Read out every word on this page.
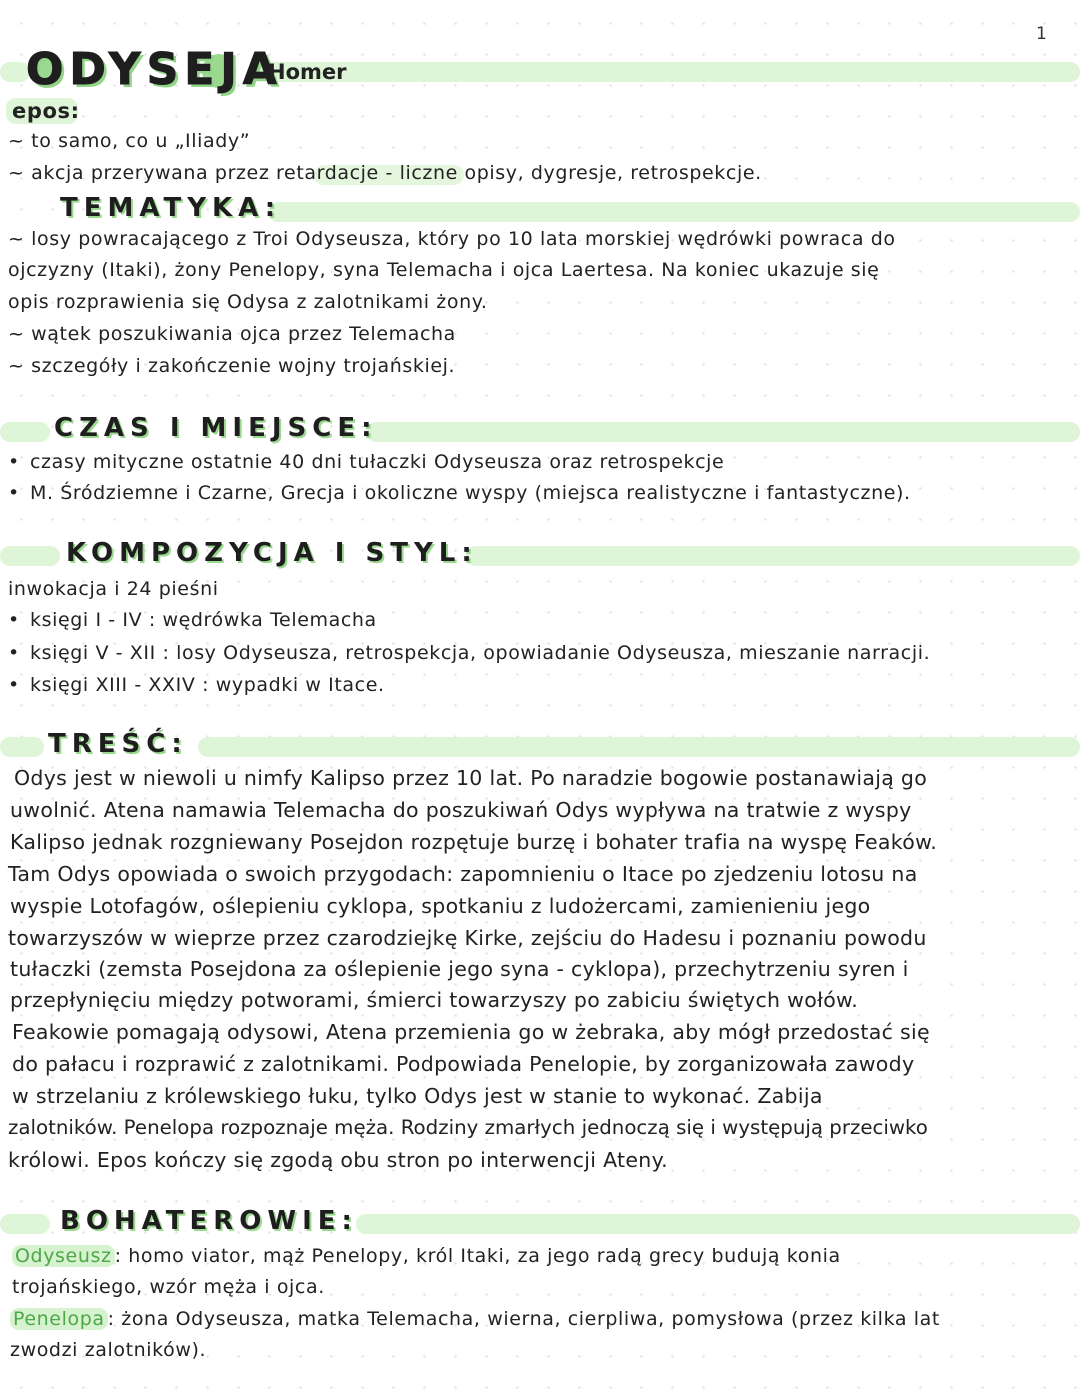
1
ODYSEJA
Homer
epos:
~ to samo, co u „Iliady”
~ akcja przerywana przez retardacje - liczne opisy, dygresje, retrospekcje.
TEMATYKA:
~ losy powracającego z Troi Odyseusza, który po 10 lata morskiej wędrówki powraca do
ojczyzny (Itaki), żony Penelopy, syna Telemacha i ojca Laertesa. Na koniec ukazuje się
opis rozprawienia się Odysa z zalotnikami żony.
~ wątek poszukiwania ojca przez Telemacha
~ szczegóły i zakończenie wojny trojańskiej.
CZAS I MIEJSCE:
• czasy mityczne ostatnie 40 dni tułaczki Odyseusza oraz retrospekcje
• M. Śródziemne i Czarne, Grecja i okoliczne wyspy (miejsca realistyczne i fantastyczne).
KOMPOZYCJA I STYL:
inwokacja i 24 pieśni
• księgi I - IV : wędrówka Telemacha
• księgi V - XII : losy Odyseusza, retrospekcja, opowiadanie Odyseusza, mieszanie narracji.
• księgi XIII - XXIV : wypadki w Itace.
TREŚĆ:
Odys jest w niewoli u nimfy Kalipso przez 10 lat. Po naradzie bogowie postanawiają go
uwolnić. Atena namawia Telemacha do poszukiwań Odys wypływa na tratwie z wyspy
Kalipso jednak rozgniewany Posejdon rozpętuje burzę i bohater trafia na wyspę Feaków.
Tam Odys opowiada o swoich przygodach: zapomnieniu o Itace po zjedzeniu lotosu na
wyspie Lotofagów, oślepieniu cyklopa, spotkaniu z ludożercami, zamienieniu jego
towarzyszów w wieprze przez czarodziejkę Kirke, zejściu do Hadesu i poznaniu powodu
tułaczki (zemsta Posejdona za oślepienie jego syna - cyklopa), przechytrzeniu syren i
przepłynięciu między potworami, śmierci towarzyszy po zabiciu świętych wołów.
Feakowie pomagają odysowi, Atena przemienia go w żebraka, aby mógł przedostać się
do pałacu i rozprawić z zalotnikami. Podpowiada Penelopie, by zorganizowała zawody
w strzelaniu z królewskiego łuku, tylko Odys jest w stanie to wykonać. Zabija
zalotników. Penelopa rozpoznaje męża. Rodziny zmarłych jednoczą się i występują przeciwko
królowi. Epos kończy się zgodą obu stron po interwencji Ateny.
BOHATEROWIE:
Odyseusz : homo viator, mąż Penelopy, król Itaki, za jego radą grecy budują konia
trojańskiego, wzór męża i ojca.
Penelopa : żona Odyseusza, matka Telemacha, wierna, cierpliwa, pomysłowa (przez kilka lat
zwodzi zalotników).
